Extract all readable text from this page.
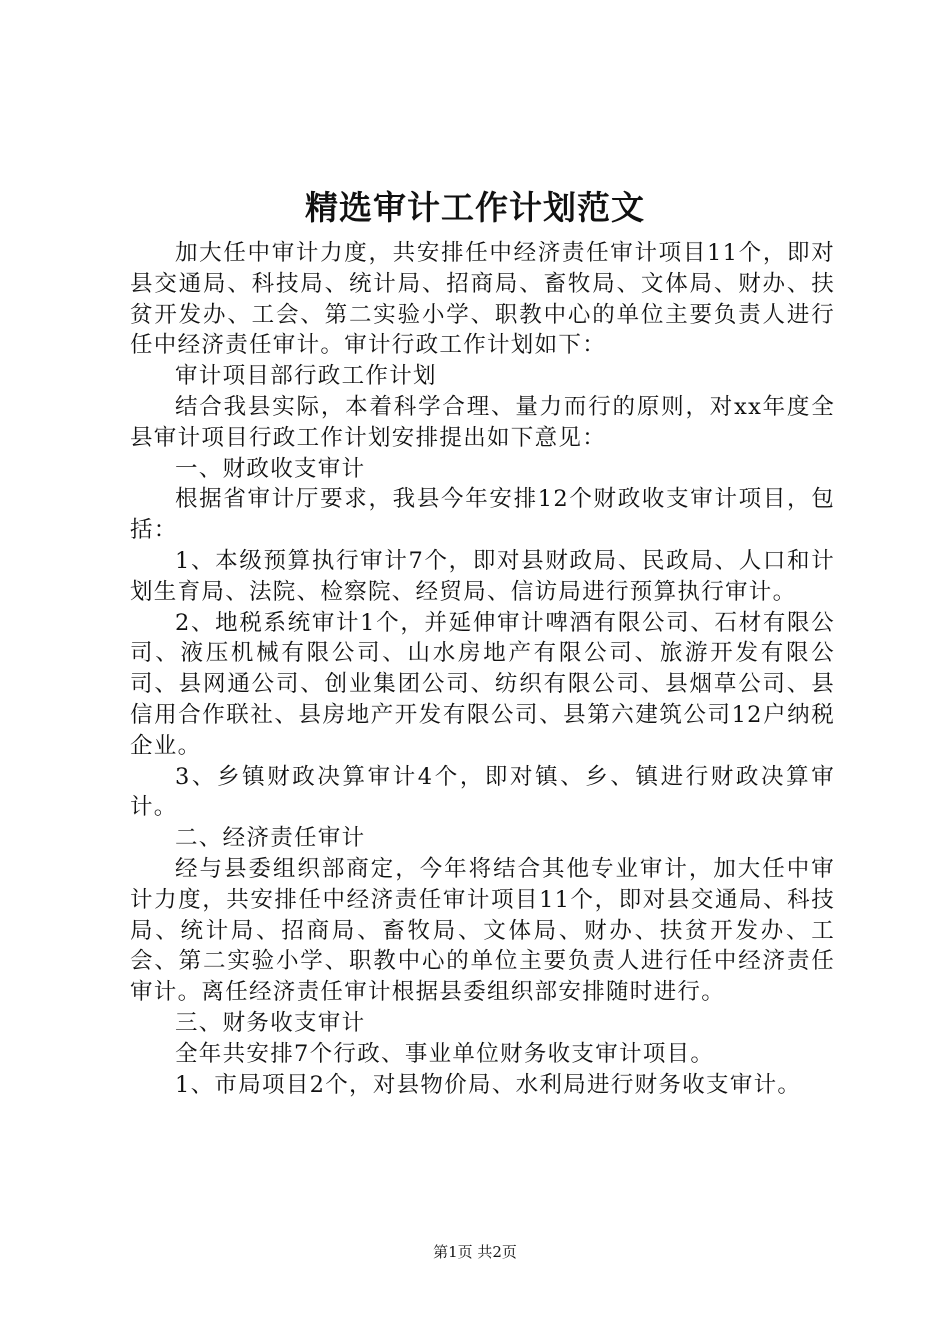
精选审计工作计划范文

加大任中审计力度，共安排任中经济责任审计项目11个，即对县交通局、科技局、统计局、招商局、畜牧局、文体局、财办、扶贫开发办、工会、第二实验小学、职教中心的单位主要负责人进行任中经济责任审计。审计行政工作计划如下：

审计项目部行政工作计划

结合我县实际，本着科学合理、量力而行的原则，对xx年度全县审计项目行政工作计划安排提出如下意见：

一、财政收支审计

根据省审计厅要求，我县今年安排12个财政收支审计项目，包括：

1、本级预算执行审计7个，即对县财政局、民政局、人口和计划生育局、法院、检察院、经贸局、信访局进行预算执行审计。

2、地税系统审计1个，并延伸审计啤酒有限公司、石材有限公司、液压机械有限公司、山水房地产有限公司、旅游开发有限公司、县网通公司、创业集团公司、纺织有限公司、县烟草公司、县信用合作联社、县房地产开发有限公司、县第六建筑公司12户纳税企业。

3、乡镇财政决算审计4个，即对镇、乡、镇进行财政决算审计。

二、经济责任审计

经与县委组织部商定，今年将结合其他专业审计，加大任中审计力度，共安排任中经济责任审计项目11个，即对县交通局、科技局、统计局、招商局、畜牧局、文体局、财办、扶贫开发办、工会、第二实验小学、职教中心的单位主要负责人进行任中经济责任审计。离任经济责任审计根据县委组织部安排随时进行。

三、财务收支审计

全年共安排7个行政、事业单位财务收支审计项目。

1、市局项目2个，对县物价局、水利局进行财务收支审计。

第1页 共2页
